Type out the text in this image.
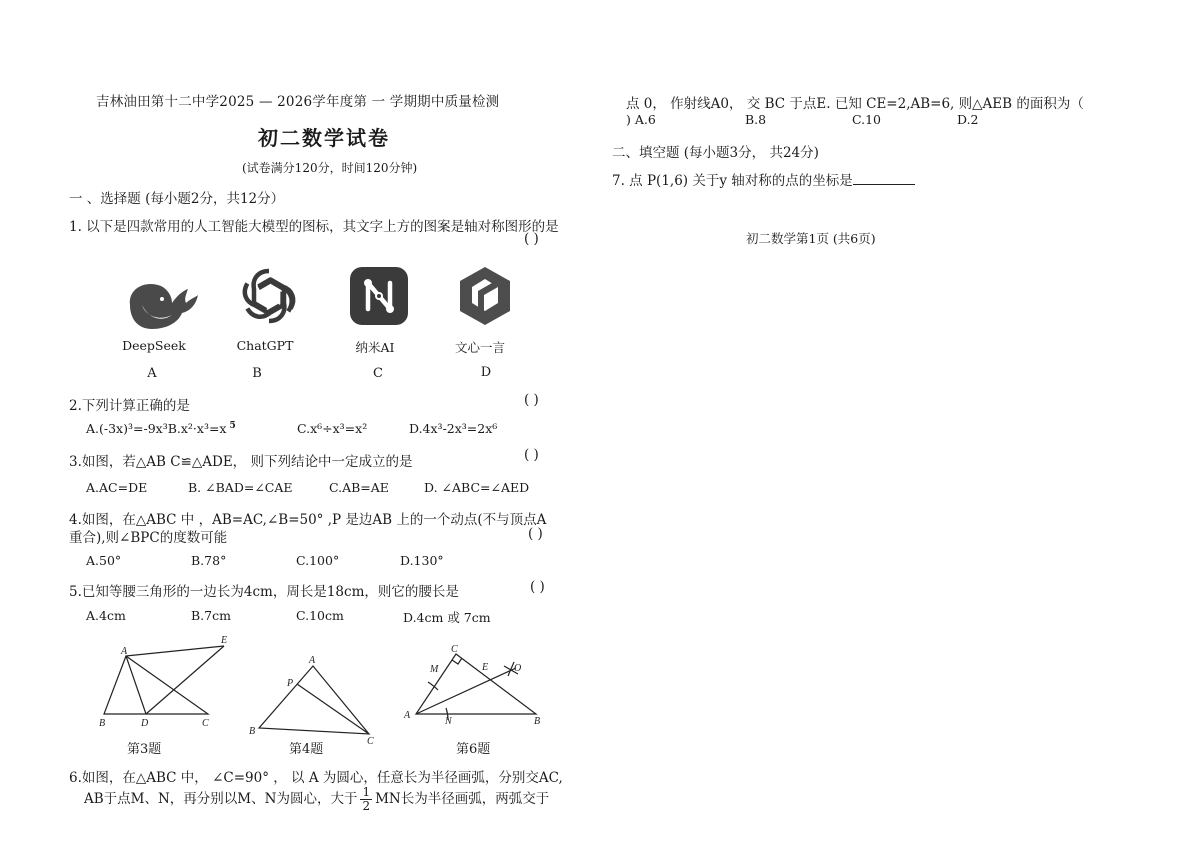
吉林油田第十二中学2025 — 2026学年度第 一 学期期中质量检测
初二数学试卷
(试卷满分120分，时间120分钟)
一 、选择题 (每小题2分，共12分）
1. 以下是四款常用的人工智能大模型的图标，其文字上方的图案是轴对称图形的是
( )
DeepSeek	ChatGPT	纳米AI	文心一言
A	B	C	D
2.下列计算正确的是	( )
A.(-3x)³=-9x³B.x²·x³=x $^5$	C.x⁶÷x³=x²	D.4x³-2x³=2x⁶
3.如图，若△AB C≌△ADE， 则下列结论中一定成立的是	( )
A.AC=DE	B. ∠BAD=∠CAE	C.AB=AE	D. ∠ABC=∠AED
4.如图，在△ABC 中 ，AB=AC,∠B=50° ,P 是边AB 上的一个动点(不与顶点A
重合),则∠BPC的度数可能	( )
A.50°	B.78°	C.100°	D.130°
5.已知等腰三角形的一边长为4cm，周长是18cm，则它的腰长是	( )
A.4cm	B.7cm	C.10cm	D.4cm 或 7cm
A
E
B	D	C
第3题
A
P
B
C
第4题
C
M	E	O
A
N	B
第6题
6.如图，在△ABC 中， ∠C=90° ， 以 A 为圆心，任意长为半径画弧，分别交AC,
AB于点M、N，再分别以M、N为圆心，大于 $\frac{1}{2}$ MN长为半径画弧，两弧交于
点 0， 作射线A0， 交 BC 于点E. 已知 CE=2,AB=6, 则△AEB 的面积为（
) A.6	B.8	C.10	D.2
二、填空题 (每小题3分， 共24分)
7. 点 P(1,6) 关于y 轴对称的点的坐标是
初二数学第1页 (共6页)
